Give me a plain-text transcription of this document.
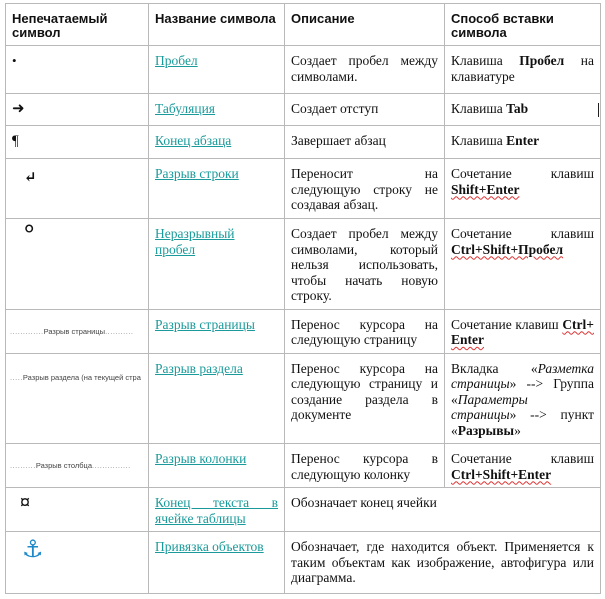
Непечатаемый символ	Название символа	Описание	Способ вставки символа
•	Пробел	Создает пробел между символами.	Клавиша Пробел на клавиатуре
➜	Табуляция	Создает отступ	Клавиша Tab
¶	Конец абзаца	Завершает абзац	Клавиша Enter
↵	Разрыв строки	Переносит на следующую строку не создавая абзац.	Сочетание клавиш Shift+Enter
°	Неразрывный пробел	Создает пробел между символами, который нельзя использовать, чтобы начать новую строку.	Сочетание клавиш Ctrl+Shift+Пробел
.............Разрыв страницы...........	Разрыв страницы	Перенос курсора на следующую страницу	Сочетание клавиш Ctrl+ Enter
.....Разрыв раздела (на текущей стра	Разрыв раздела	Перенос курсора на следующую страницу и создание раздела в документе	Вкладка «Разметка страницы» --> Группа «Параметры страницы» --> пункт «Разрывы»
..........Разрыв столбца...............	Разрыв колонки	Перенос курсора в следующую колонку	Сочетание клавиш Ctrl+Shift+Enter
¤	Конец текста в ячейке таблицы	Обозначает конец ячейки	
⚓	Привязка объектов	Обозначает, где находится объект. Применяется к таким объектам как изображение, автофигура или диаграмма.	
